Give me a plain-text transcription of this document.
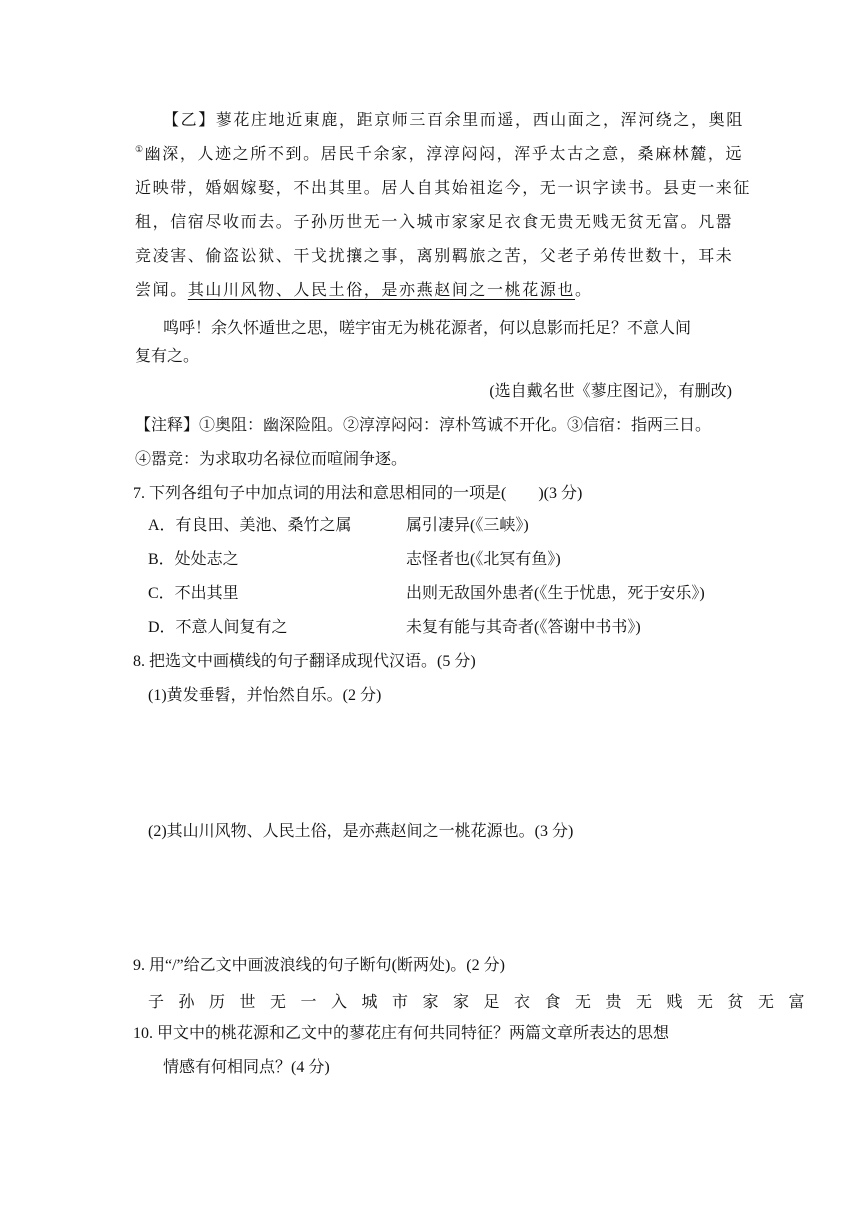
【乙】蓼花庄地近東鹿，距京师三百余里而遥，西山面之，浑河绕之，奥阻
①幽深，人迹之所不到。居民千余家，淳淳闷闷，浑乎太古之意，桑麻林麓，远
近映带，婚姻嫁娶，不出其里。居人自其始祖迄今，无一识字读书。县吏一来征
租，信宿尽收而去。子孙历世无一入城市家家足衣食无贵无贱无贫无富。凡嚣
竞凌害、偷盗讼狱、干戈扰攘之事，离别羁旅之苦，父老子弟传世数十，耳未
尝闻。其山川风物、人民土俗，是亦燕赵间之一桃花源也。
鸣呼！余久怀遁世之思，嗟宇宙无为桃花源者，何以息影而托足？不意人间
复有之。
(选自戴名世《蓼庄图记》，有删改)
【注释】①奥阻：幽深险阻。②淳淳闷闷：淳朴笃诚不开化。③信宿：指两三日。
④嚣竞：为求取功名禄位而喧闹争逐。
7. 下列各组句子中加点词的用法和意思相同的一项是(　　)(3 分)
A．有良田、美池、桑竹之属	属引凄异(《三峡》)
B．处处志之	志怪者也(《北冥有鱼》)
C．不出其里	出则无敌国外患者(《生于忧患，死于安乐》)
D．不意人间复有之	未复有能与其奇者(《答谢中书书》)
8. 把选文中画横线的句子翻译成现代汉语。(5 分)
(1)黄发垂髫，并怡然自乐。(2 分)
(2)其山川风物、人民土俗，是亦燕赵间之一桃花源也。(3 分)
9. 用“/”给乙文中画波浪线的句子断句(断两处)。(2 分)
子孙历世无一入城市家家足衣食无贵无贱无贫无富
10. 甲文中的桃花源和乙文中的蓼花庄有何共同特征？两篇文章所表达的思想
情感有何相同点？(4 分)
